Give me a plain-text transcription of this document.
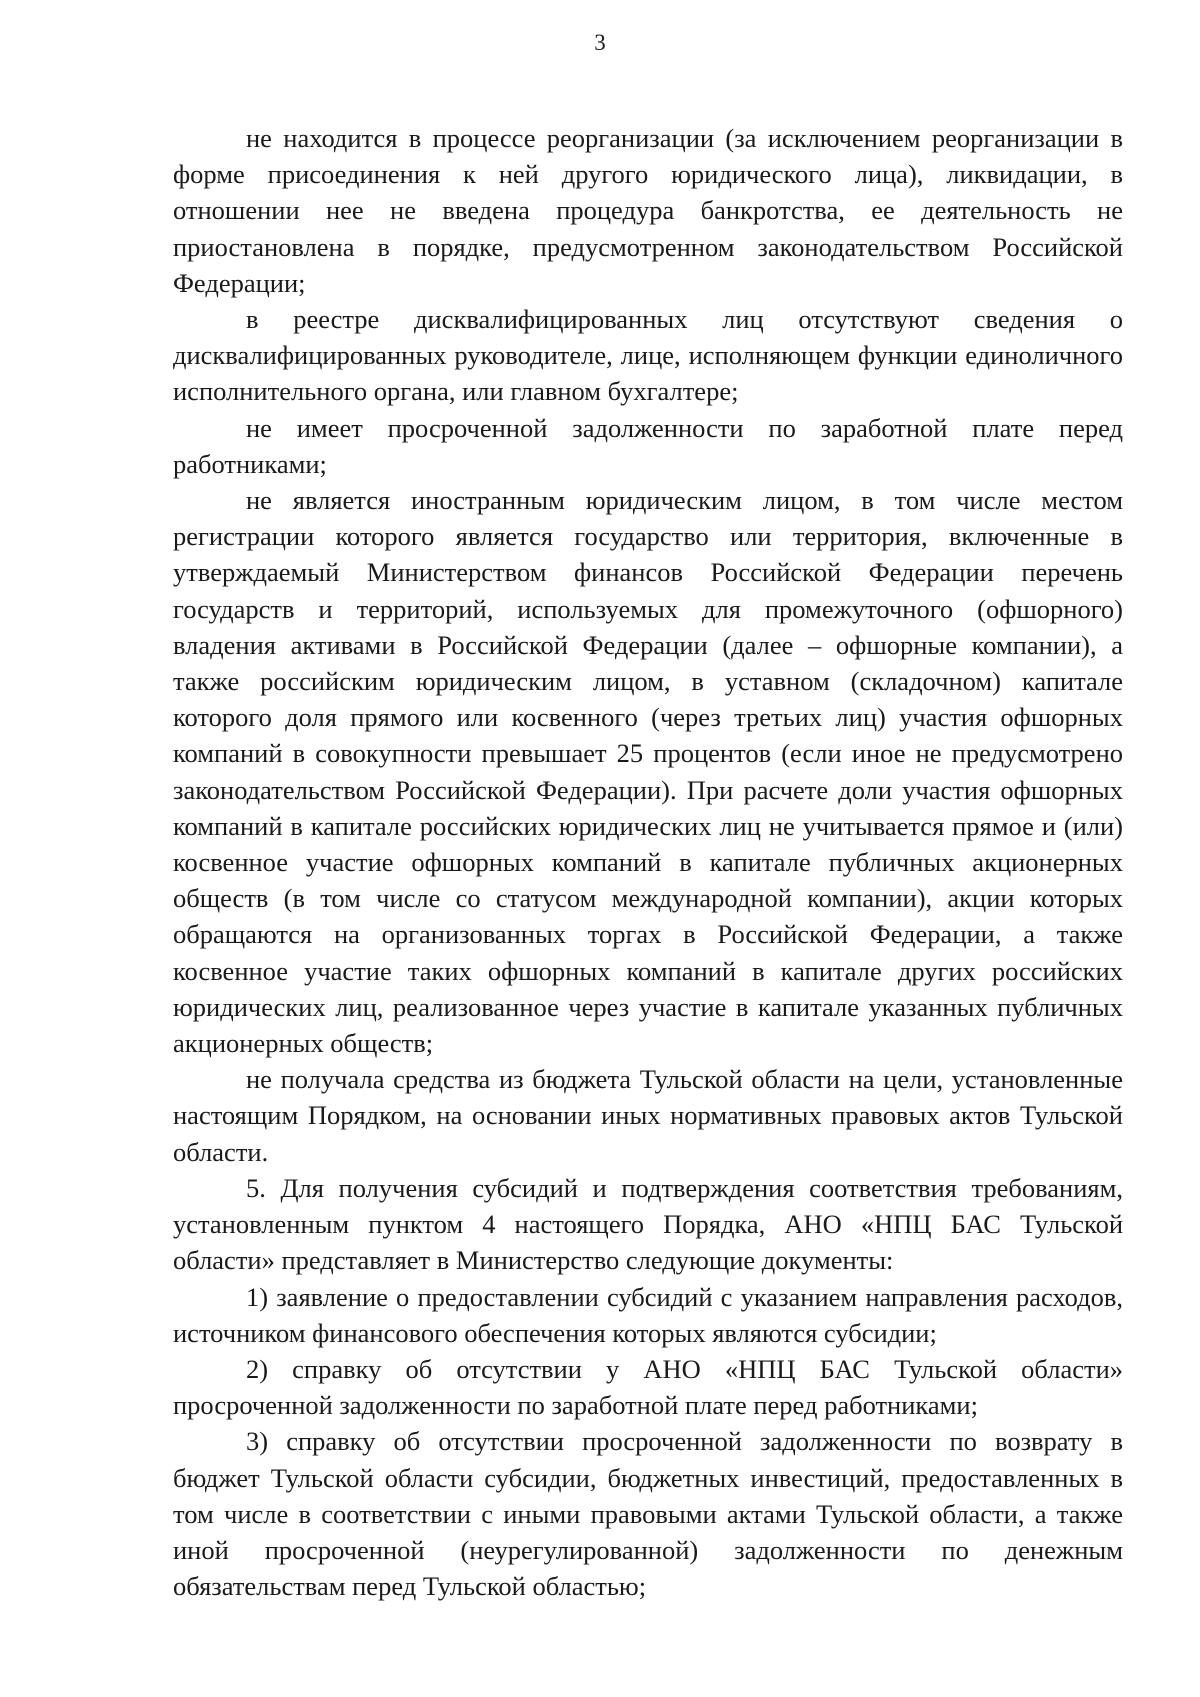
3

не находится в процессе реорганизации (за исключением реорганизации в форме присоединения к ней другого юридического лица), ликвидации, в отношении нее не введена процедура банкротства, ее деятельность не приостановлена в порядке, предусмотренном законодательством Российской Федерации;

в реестре дисквалифицированных лиц отсутствуют сведения о дисквалифицированных руководителе, лице, исполняющем функции единоличного исполнительного органа, или главном бухгалтере;

не имеет просроченной задолженности по заработной плате перед работниками;

не является иностранным юридическим лицом, в том числе местом регистрации которого является государство или территория, включенные в утверждаемый Министерством финансов Российской Федерации перечень государств и территорий, используемых для промежуточного (офшорного) владения активами в Российской Федерации (далее – офшорные компании), а также российским юридическим лицом, в уставном (складочном) капитале которого доля прямого или косвенного (через третьих лиц) участия офшорных компаний в совокупности превышает 25 процентов (если иное не предусмотрено законодательством Российской Федерации). При расчете доли участия офшорных компаний в капитале российских юридических лиц не учитывается прямое и (или) косвенное участие офшорных компаний в капитале публичных акционерных обществ (в том числе со статусом международной компании), акции которых обращаются на организованных торгах в Российской Федерации, а также косвенное участие таких офшорных компаний в капитале других российских юридических лиц, реализованное через участие в капитале указанных публичных акционерных обществ;

не получала средства из бюджета Тульской области на цели, установленные настоящим Порядком, на основании иных нормативных правовых актов Тульской области.

5. Для получения субсидий и подтверждения соответствия требованиям, установленным пунктом 4 настоящего Порядка, АНО «НПЦ БАС Тульской области» представляет в Министерство следующие документы:

1) заявление о предоставлении субсидий с указанием направления расходов, источником финансового обеспечения которых являются субсидии;

2) справку об отсутствии у АНО «НПЦ БАС Тульской области» просроченной задолженности по заработной плате перед работниками;

3) справку об отсутствии просроченной задолженности по возврату в бюджет Тульской области субсидии, бюджетных инвестиций, предоставленных в том числе в соответствии с иными правовыми актами Тульской области, а также иной просроченной (неурегулированной) задолженности по денежным обязательствам перед Тульской областью;
